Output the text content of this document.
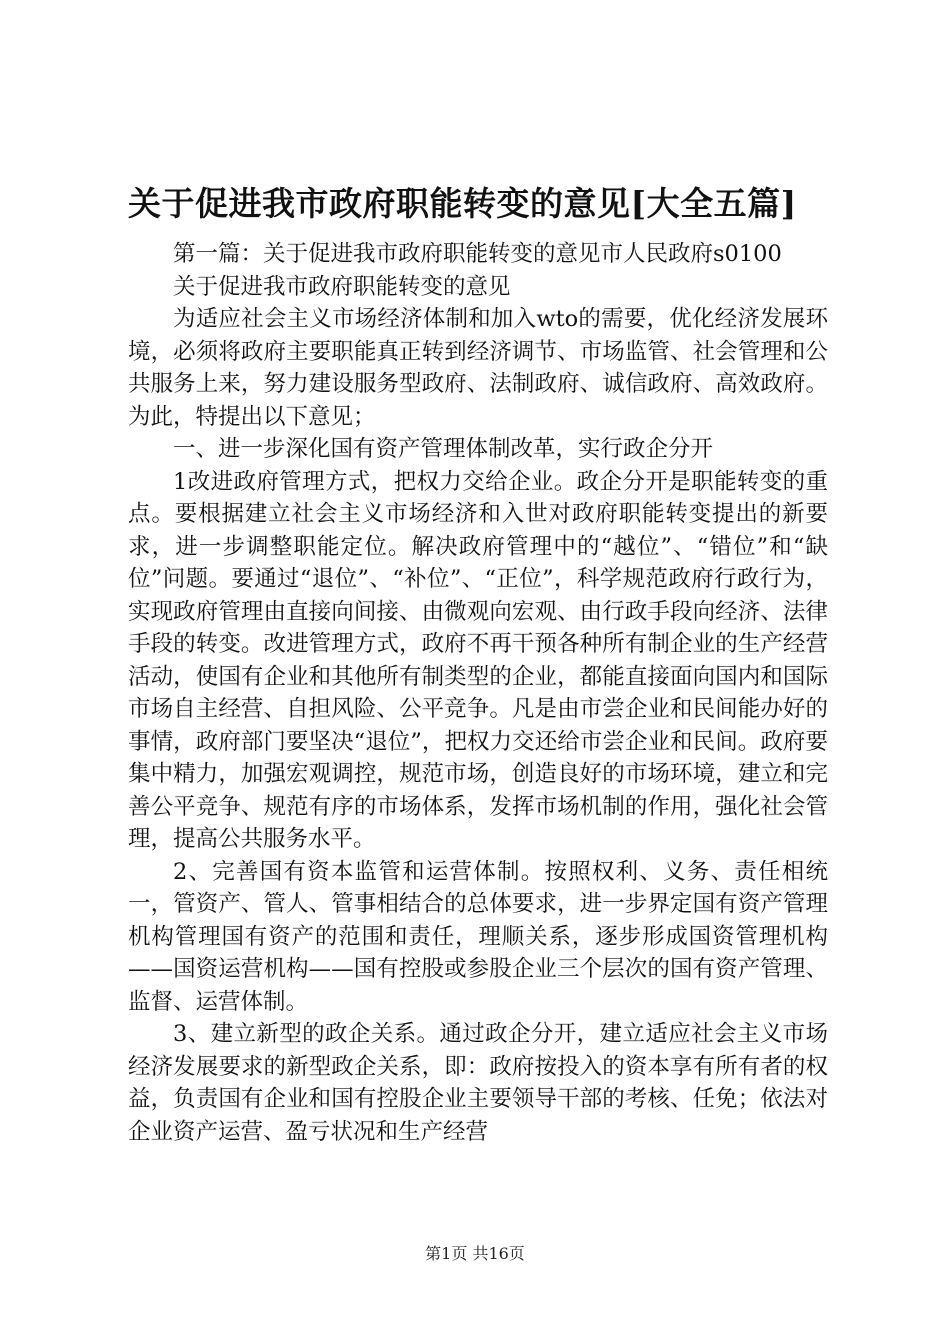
关于促进我市政府职能转变的意见[大全五篇]

第一篇：关于促进我市政府职能转变的意见市人民政府s0100

关于促进我市政府职能转变的意见

为适应社会主义市场经济体制和加入wto的需要，优化经济发展环境，必须将政府主要职能真正转到经济调节、市场监管、社会管理和公共服务上来，努力建设服务型政府、法制政府、诚信政府、高效政府。为此，特提出以下意见；

一、进一步深化国有资产管理体制改革，实行政企分开

1改进政府管理方式，把权力交给企业。政企分开是职能转变的重点。要根据建立社会主义市场经济和入世对政府职能转变提出的新要求，进一步调整职能定位。解决政府管理中的“越位”、“错位”和“缺位”问题。要通过“退位”、“补位”、“正位”，科学规范政府行政行为，实现政府管理由直接向间接、由微观向宏观、由行政手段向经济、法律手段的转变。改进管理方式，政府不再干预各种所有制企业的生产经营活动，使国有企业和其他所有制类型的企业，都能直接面向国内和国际市场自主经营、自担风险、公平竞争。凡是由市尝企业和民间能办好的事情，政府部门要坚决“退位”，把权力交还给市尝企业和民间。政府要集中精力，加强宏观调控，规范市场，创造良好的市场环境，建立和完善公平竞争、规范有序的市场体系，发挥市场机制的作用，强化社会管理，提高公共服务水平。

2、完善国有资本监管和运营体制。按照权利、义务、责任相统一，管资产、管人、管事相结合的总体要求，进一步界定国有资产管理机构管理国有资产的范围和责任，理顺关系，逐步形成国资管理机构——国资运营机构——国有控股或参股企业三个层次的国有资产管理、监督、运营体制。

3、建立新型的政企关系。通过政企分开，建立适应社会主义市场经济发展要求的新型政企关系，即：政府按投入的资本享有所有者的权益，负责国有企业和国有控股企业主要领导干部的考核、任免；依法对企业资产运营、盈亏状况和生产经营

第1页 共16页
